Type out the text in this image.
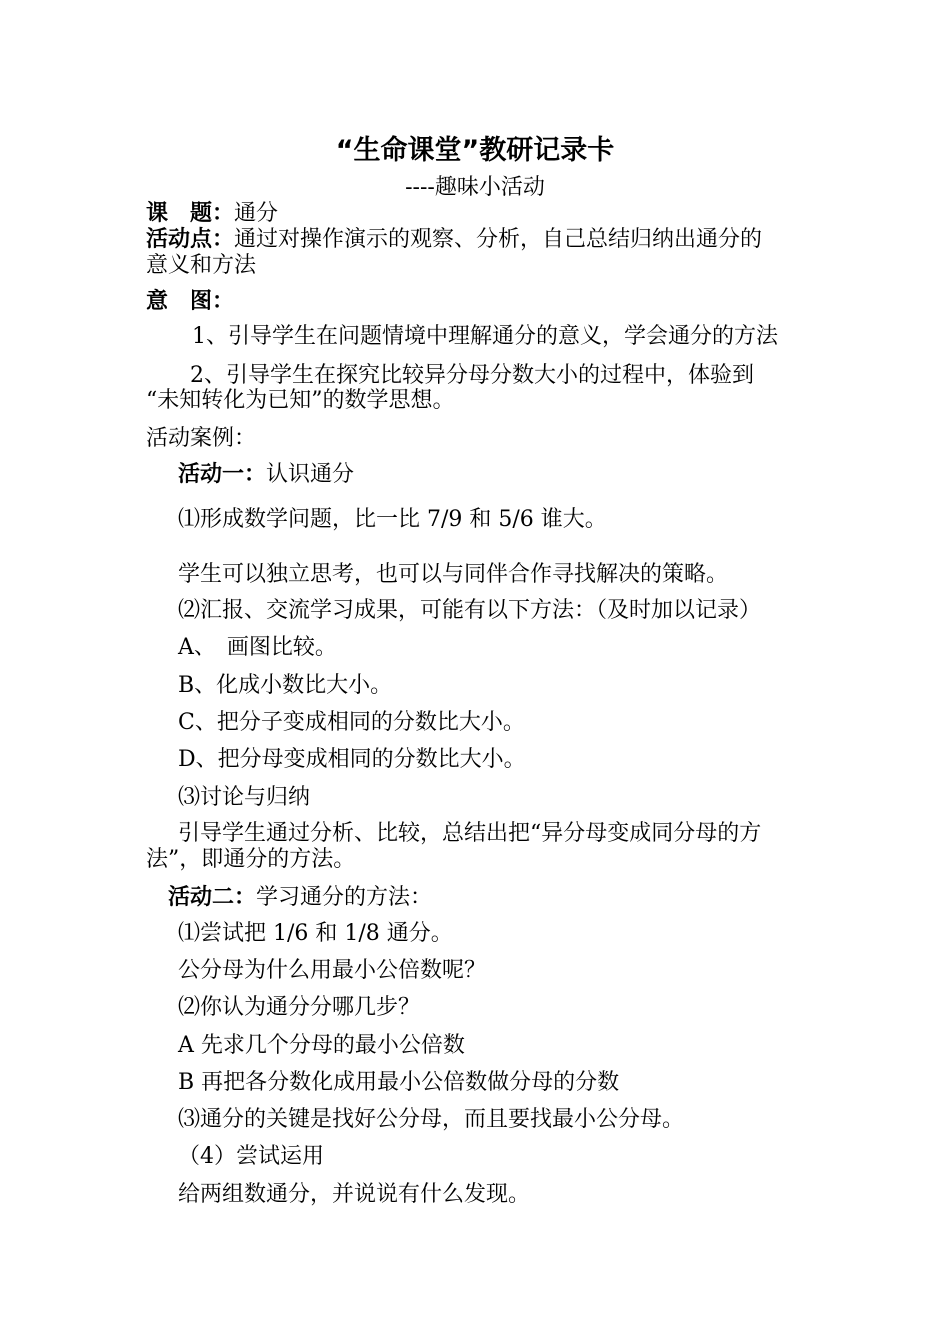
“生命课堂”教研记录卡
----趣味小活动
课　题：通分
活动点：通过对操作演示的观察、分析，自己总结归纳出通分的
意义和方法
意　图：
1、引导学生在问题情境中理解通分的意义，学会通分的方法
2、引导学生在探究比较异分母分数大小的过程中，体验到
“未知转化为已知”的数学思想。
活动案例：
活动一：认识通分
⑴形成数学问题，比一比 7/9 和 5/6 谁大。
学生可以独立思考，也可以与同伴合作寻找解决的策略。
⑵汇报、交流学习成果，可能有以下方法：（及时加以记录）
A、　画图比较。
B、化成小数比大小。
C、把分子变成相同的分数比大小。
D、把分母变成相同的分数比大小。
⑶讨论与归纳
引导学生通过分析、比较，总结出把“异分母变成同分母的方
法”，即通分的方法。
活动二：学习通分的方法：
⑴尝试把 1/6 和 1/8 通分。
公分母为什么用最小公倍数呢？
⑵你认为通分分哪几步？
A 先求几个分母的最小公倍数
B 再把各分数化成用最小公倍数做分母的分数
⑶通分的关键是找好公分母，而且要找最小公分母。
（4）尝试运用
给两组数通分，并说说有什么发现。
